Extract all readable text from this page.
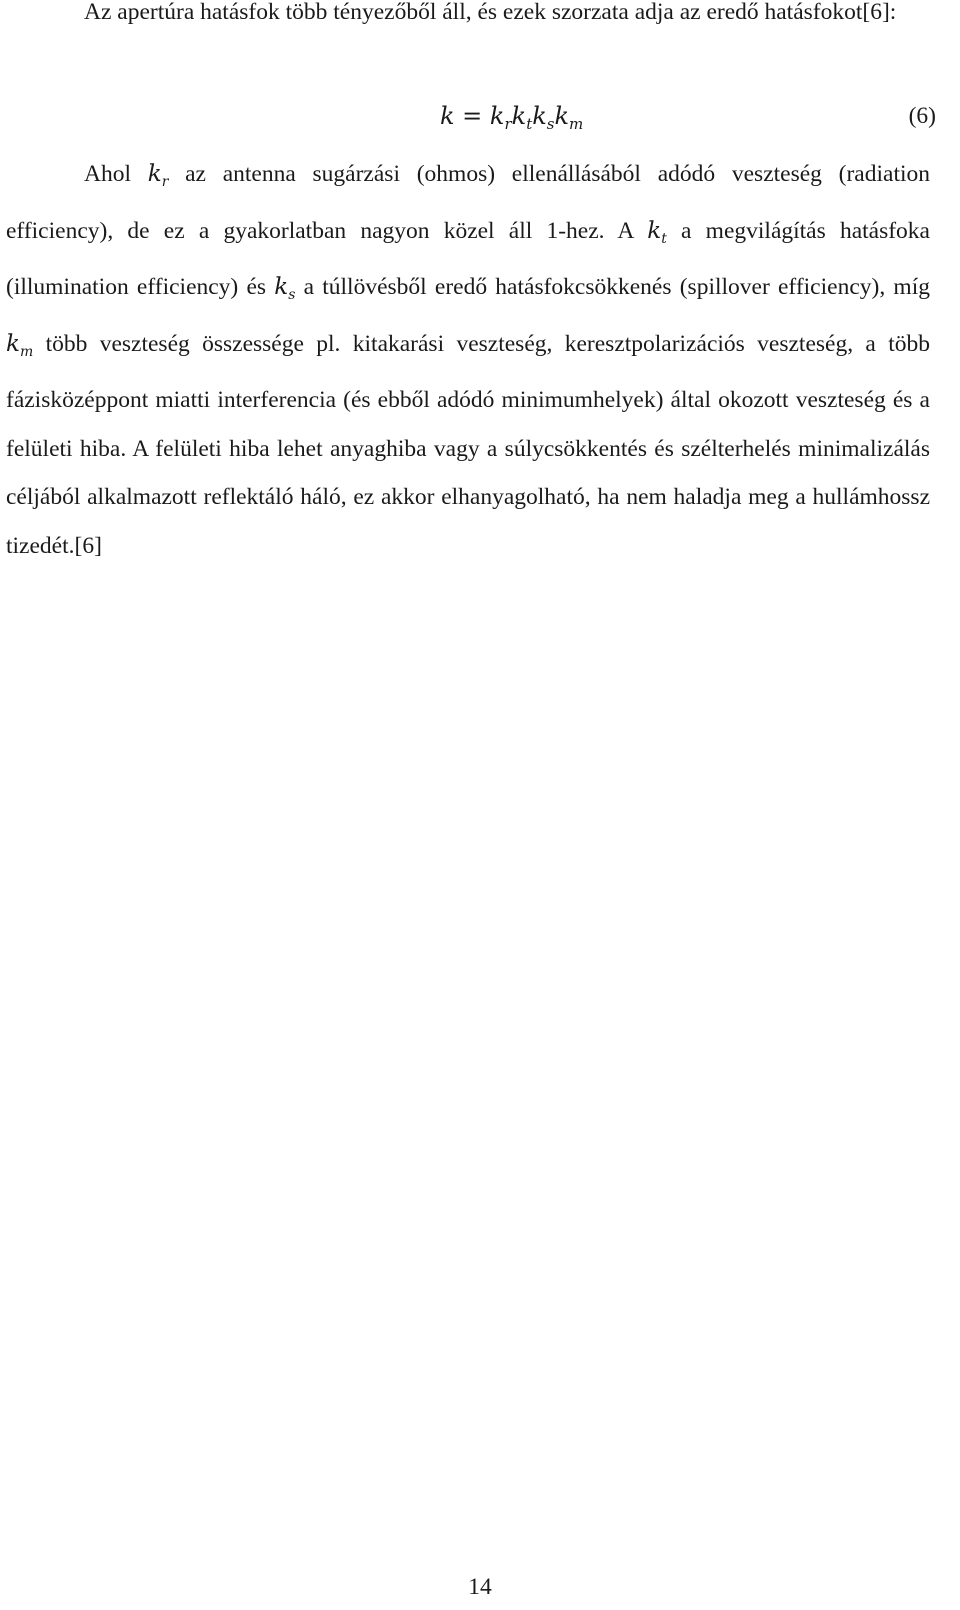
Az apertúra hatásfok több tényezőből áll, és ezek szorzata adja az eredő hatásfokot[6]:

$k = k_rk_tk_sk_m$	(6)

Ahol $k_r$ az antenna sugárzási (ohmos) ellenállásából adódó veszteség (radiation efficiency), de ez a gyakorlatban nagyon közel áll 1-hez. A $k_t$ a megvilágítás hatásfoka (illumination efficiency) és $k_s$ a túllövésből eredő hatásfokcsökkenés (spillover efficiency), míg $k_m$ több veszteség összessége pl. kitakarási veszteség, keresztpolarizációs veszteség, a több fázisközéppont miatti interferencia (és ebből adódó minimumhelyek) által okozott veszteség és a felületi hiba. A felületi hiba lehet anyaghiba vagy a súlycsökkentés és szélterhelés minimalizálás céljából alkalmazott reflektáló háló, ez akkor elhanyagolható, ha nem haladja meg a hullámhossz tizedét.[6]

14
